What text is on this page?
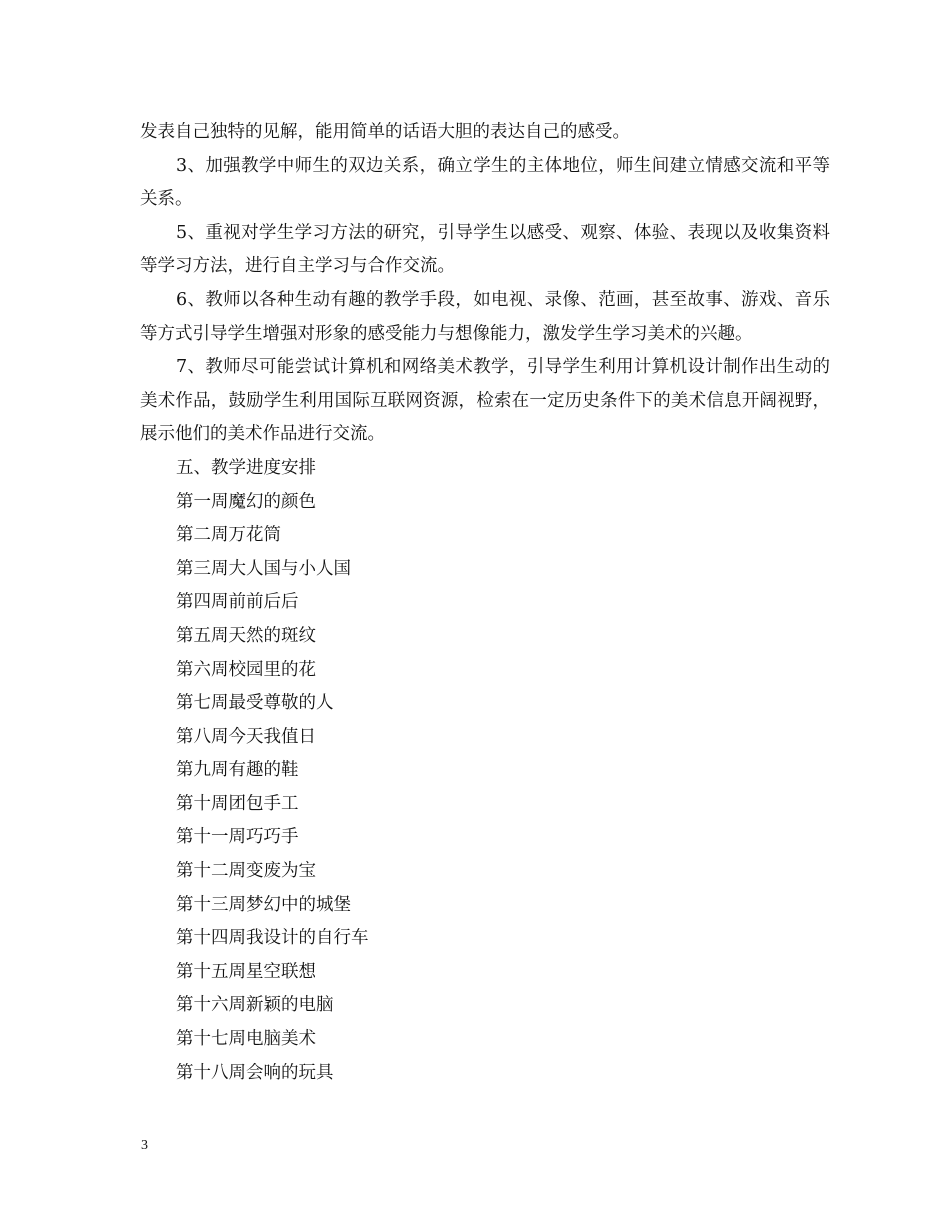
发表自己独特的见解，能用简单的话语大胆的表达自己的感受。

3、加强教学中师生的双边关系，确立学生的主体地位，师生间建立情感交流和平等关系。

5、重视对学生学习方法的研究，引导学生以感受、观察、体验、表现以及收集资料等学习方法，进行自主学习与合作交流。

6、教师以各种生动有趣的教学手段，如电视、录像、范画，甚至故事、游戏、音乐等方式引导学生增强对形象的感受能力与想像能力，激发学生学习美术的兴趣。

7、教师尽可能尝试计算机和网络美术教学，引导学生利用计算机设计制作出生动的美术作品，鼓励学生利用国际互联网资源，检索在一定历史条件下的美术信息开阔视野，展示他们的美术作品进行交流。

五、教学进度安排

第一周魔幻的颜色
第二周万花筒
第三周大人国与小人国
第四周前前后后
第五周天然的斑纹
第六周校园里的花
第七周最受尊敬的人
第八周今天我值日
第九周有趣的鞋
第十周团包手工
第十一周巧巧手
第十二周变废为宝
第十三周梦幻中的城堡
第十四周我设计的自行车
第十五周星空联想
第十六周新颖的电脑
第十七周电脑美术
第十八周会响的玩具
3
